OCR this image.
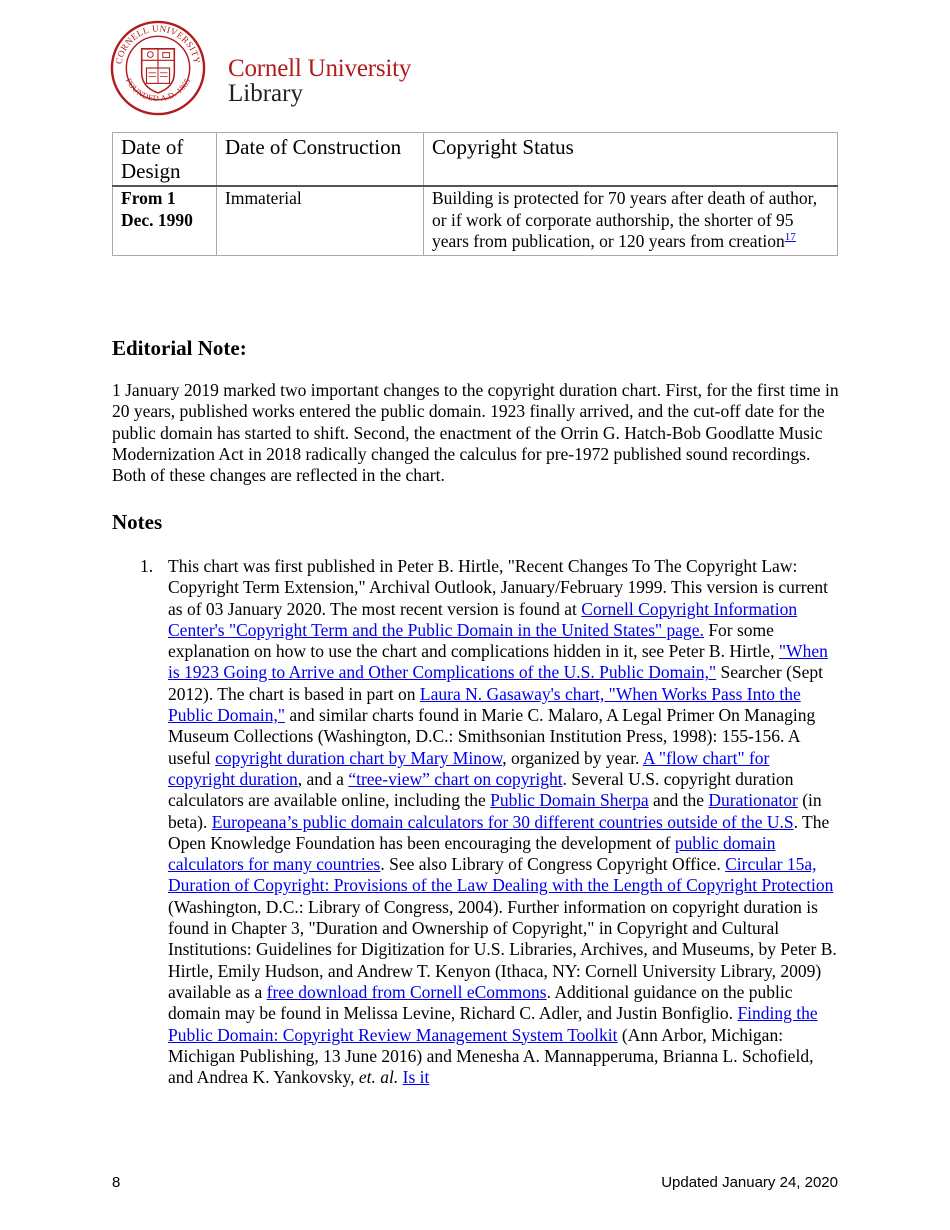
CORNELL UNIVERSITY
FOUNDED A.D. 1865 Cornell University
Library
Date of Design	Date of Construction	Copyright Status
From 1 Dec. 1990	Immaterial	Building is protected for 70 years after death of author, or if work of corporate authorship, the shorter of 95 years from publication, or 120 years from creation$^{17}$
Editorial Note:

1 January 2019 marked two important changes to the copyright duration chart. First, for the first time in 20 years, published works entered the public domain. 1923 finally arrived, and the cut-off date for the public domain has started to shift. Second, the enactment of the Orrin G. Hatch-Bob Goodlatte Music Modernization Act in 2018 radically changed the calculus for pre-1972 published sound recordings. Both of these changes are reflected in the chart.

Notes
1. This chart was first published in Peter B. Hirtle, "Recent Changes To The Copyright Law: Copyright Term Extension," Archival Outlook, January/February 1999. This version is current as of 03 January 2020. The most recent version is found at Cornell Copyright Information Center's "Copyright Term and the Public Domain in the United States" page. For some explanation on how to use the chart and complications hidden in it, see Peter B. Hirtle, "When is 1923 Going to Arrive and Other Complications of the U.S. Public Domain," Searcher (Sept 2012). The chart is based in part on Laura N. Gasaway's chart, "When Works Pass Into the Public Domain," and similar charts found in Marie C. Malaro, A Legal Primer On Managing Museum Collections (Washington, D.C.: Smithsonian Institution Press, 1998): 155-156. A useful copyright duration chart by Mary Minow, organized by year. A "flow chart" for copyright duration, and a “tree-view” chart on copyright. Several U.S. copyright duration calculators are available online, including the Public Domain Sherpa and the Durationator (in beta). Europeana’s public domain calculators for 30 different countries outside of the U.S. The Open Knowledge Foundation has been encouraging the development of public domain calculators for many countries. See also Library of Congress Copyright Office. Circular 15a, Duration of Copyright: Provisions of the Law Dealing with the Length of Copyright Protection (Washington, D.C.: Library of Congress, 2004). Further information on copyright duration is found in Chapter 3, "Duration and Ownership of Copyright," in Copyright and Cultural Institutions: Guidelines for Digitization for U.S. Libraries, Archives, and Museums, by Peter B. Hirtle, Emily Hudson, and Andrew T. Kenyon (Ithaca, NY: Cornell University Library, 2009) available as a free download from Cornell eCommons. Additional guidance on the public domain may be found in Melissa Levine, Richard C. Adler, and Justin Bonfiglio. Finding the Public Domain: Copyright Review Management System Toolkit (Ann Arbor, Michigan: Michigan Publishing, 13 June 2016) and Menesha A. Mannapperuma, Brianna L. Schofield, and Andrea K. Yankovsky, et. al. Is it

8	Updated January 24, 2020
